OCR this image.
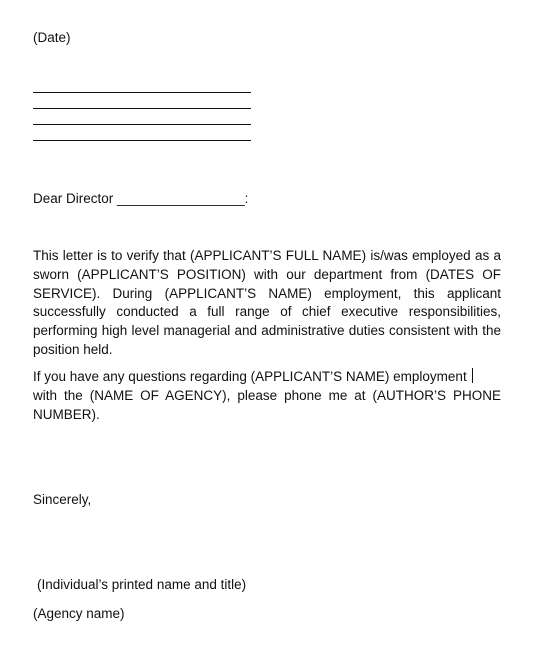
(Date)
Dear Director _________________:

This letter is to verify that (APPLICANT’S FULL NAME) is/was employed as a sworn (APPLICANT’S POSITION) with our department from (DATES OF SERVICE). During (APPLICANT’S NAME) employment, this applicant successfully conducted a full range of chief executive responsibilities, performing high level managerial and administrative duties consistent with the position held.

If you have any questions regarding (APPLICANT’S NAME) employment
with the (NAME OF AGENCY), please phone me at (AUTHOR’S PHONE NUMBER).
Sincerely,
(Individual’s printed name and title)
(Agency name)
